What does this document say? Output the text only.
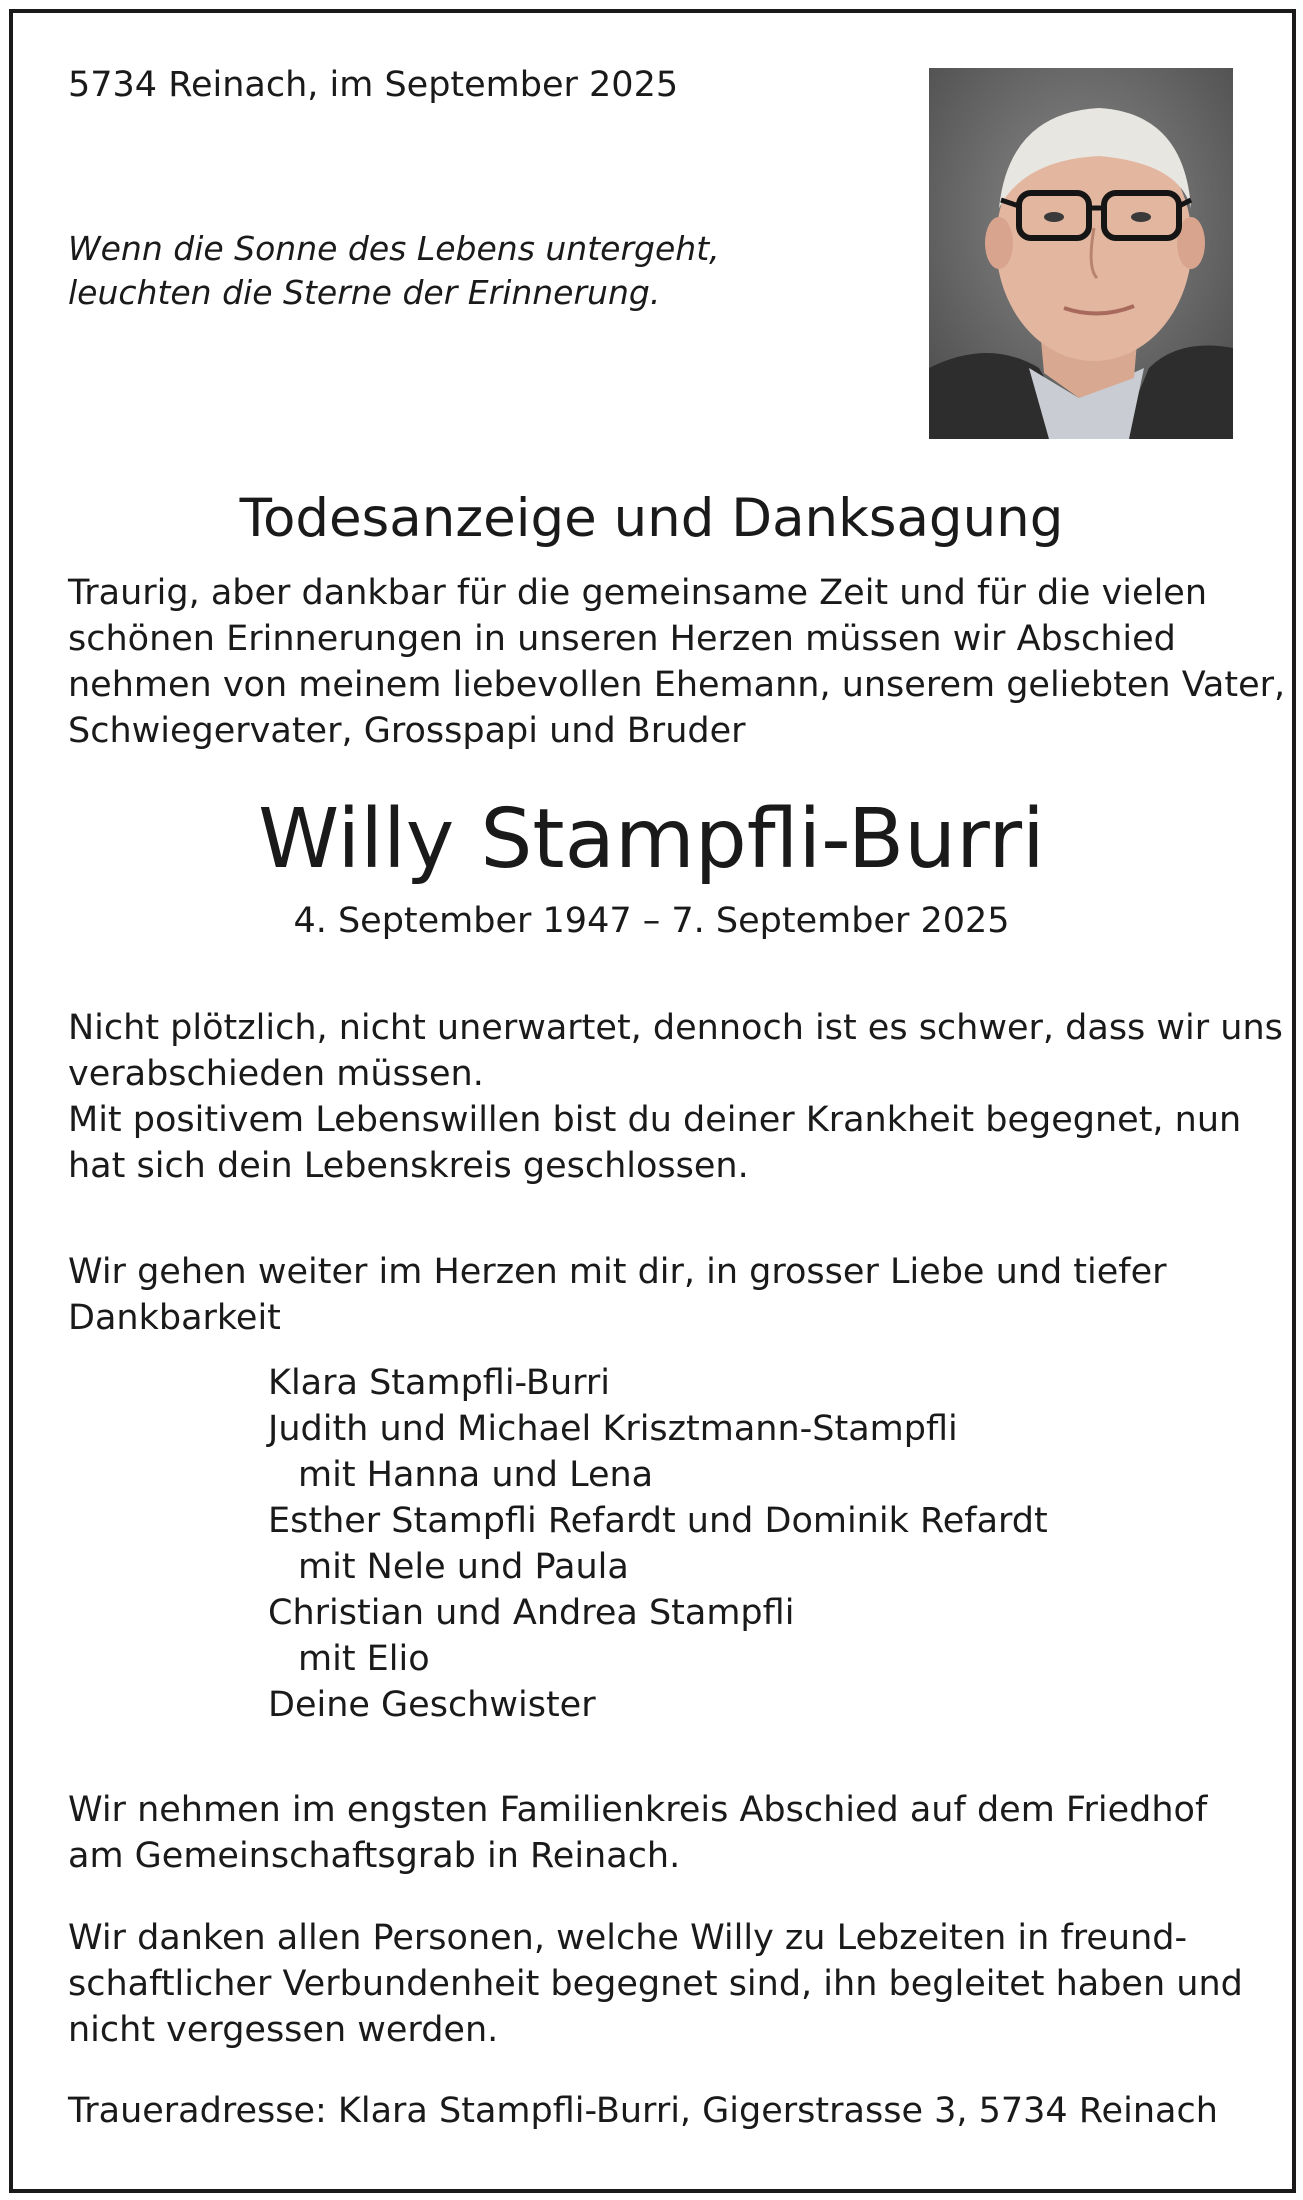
5734 Reinach, im September 2025
Wenn die Sonne des Lebens untergeht,
leuchten die Sterne der Erinnerung.
Todesanzeige und Danksagung
Traurig, aber dankbar für die gemeinsame Zeit und für die vielen
schönen Erinnerungen in unseren Herzen müssen wir Abschied
nehmen von meinem liebevollen Ehemann, unserem geliebten Vater,
Schwiegervater, Grosspapi und Bruder
Willy Stampfli-Burri
4. September 1947 – 7. September 2025
Nicht plötzlich, nicht unerwartet, dennoch ist es schwer, dass wir uns
verabschieden müssen.
Mit positivem Lebenswillen bist du deiner Krankheit begegnet, nun
hat sich dein Lebenskreis geschlossen.
Wir gehen weiter im Herzen mit dir, in grosser Liebe und tiefer
Dankbarkeit
Klara Stampfli-Burri
Judith und Michael Krisztmann-Stampfli
mit Hanna und Lena
Esther Stampfli Refardt und Dominik Refardt
mit Nele und Paula
Christian und Andrea Stampfli
mit Elio
Deine Geschwister
Wir nehmen im engsten Familienkreis Abschied auf dem Friedhof
am Gemeinschaftsgrab in Reinach.
Wir danken allen Personen, welche Willy zu Lebzeiten in freund-
schaftlicher Verbundenheit begegnet sind, ihn begleitet haben und
nicht vergessen werden.
Traueradresse: Klara Stampfli-Burri, Gigerstrasse 3, 5734 Reinach
